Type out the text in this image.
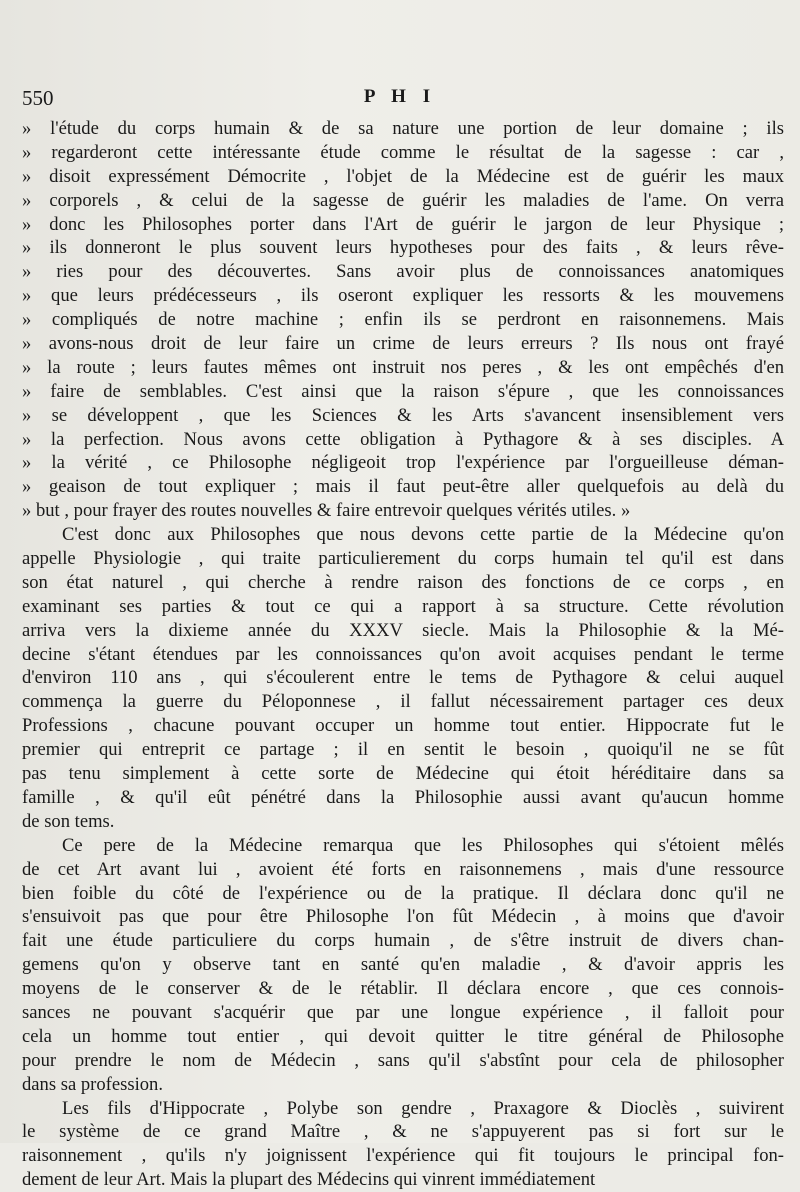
550	P H I
» l'étude du corps humain & de sa nature une portion de leur domaine ; ils
» regarderont cette intéressante étude comme le résultat de la sagesse : car ,
» disoit expressément Démocrite , l'objet de la Médecine est de guérir les maux
» corporels , & celui de la sagesse de guérir les maladies de l'ame. On verra
» donc les Philosophes porter dans l'Art de guérir le jargon de leur Physique ;
» ils donneront le plus souvent leurs hypotheses pour des faits , & leurs rêve-
» ries pour des découvertes. Sans avoir plus de connoissances anatomiques
» que leurs prédécesseurs , ils oseront expliquer les ressorts & les mouvemens
» compliqués de notre machine ; enfin ils se perdront en raisonnemens. Mais
» avons-nous droit de leur faire un crime de leurs erreurs ? Ils nous ont frayé
» la route ; leurs fautes mêmes ont instruit nos peres , & les ont empêchés d'en
» faire de semblables. C'est ainsi que la raison s'épure , que les connoissances
» se développent , que les Sciences & les Arts s'avancent insensiblement vers
» la perfection. Nous avons cette obligation à Pythagore & à ses disciples. A
» la vérité , ce Philosophe négligeoit trop l'expérience par l'orgueilleuse déman-
» geaison de tout expliquer ; mais il faut peut-être aller quelquefois au delà du
» but , pour frayer des routes nouvelles & faire entrevoir quelques vérités utiles. »
C'est donc aux Philosophes que nous devons cette partie de la Médecine qu'on
appelle Physiologie , qui traite particulierement du corps humain tel qu'il est dans
son état naturel , qui cherche à rendre raison des fonctions de ce corps , en
examinant ses parties & tout ce qui a rapport à sa structure. Cette révolution
arriva vers la dixieme année du XXXV siecle. Mais la Philosophie & la Mé-
decine s'étant étendues par les connoissances qu'on avoit acquises pendant le terme
d'environ 110 ans , qui s'écoulerent entre le tems de Pythagore & celui auquel
commença la guerre du Péloponnese , il fallut nécessairement partager ces deux
Professions , chacune pouvant occuper un homme tout entier. Hippocrate fut le
premier qui entreprit ce partage ; il en sentit le besoin , quoiqu'il ne se fût
pas tenu simplement à cette sorte de Médecine qui étoit héréditaire dans sa
famille , & qu'il eût pénétré dans la Philosophie aussi avant qu'aucun homme
de son tems.
Ce pere de la Médecine remarqua que les Philosophes qui s'étoient mêlés
de cet Art avant lui , avoient été forts en raisonnemens , mais d'une ressource
bien foible du côté de l'expérience ou de la pratique. Il déclara donc qu'il ne
s'ensuivoit pas que pour être Philosophe l'on fût Médecin , à moins que d'avoir
fait une étude particuliere du corps humain , de s'être instruit de divers chan-
gemens qu'on y observe tant en santé qu'en maladie , & d'avoir appris les
moyens de le conserver & de le rétablir. Il déclara encore , que ces connois-
sances ne pouvant s'acquérir que par une longue expérience , il falloit pour
cela un homme tout entier , qui devoit quitter le titre général de Philosophe
pour prendre le nom de Médecin , sans qu'il s'abstînt pour cela de philosopher
dans sa profession.
Les fils d'Hippocrate , Polybe son gendre , Praxagore & Dioclès , suivirent
le système de ce grand Maître , & ne s'appuyerent pas si fort sur le
raisonnement , qu'ils n'y joignissent l'expérience qui fit toujours le principal fon-
dement de leur Art. Mais la plupart des Médecins qui vinrent immédiatement
